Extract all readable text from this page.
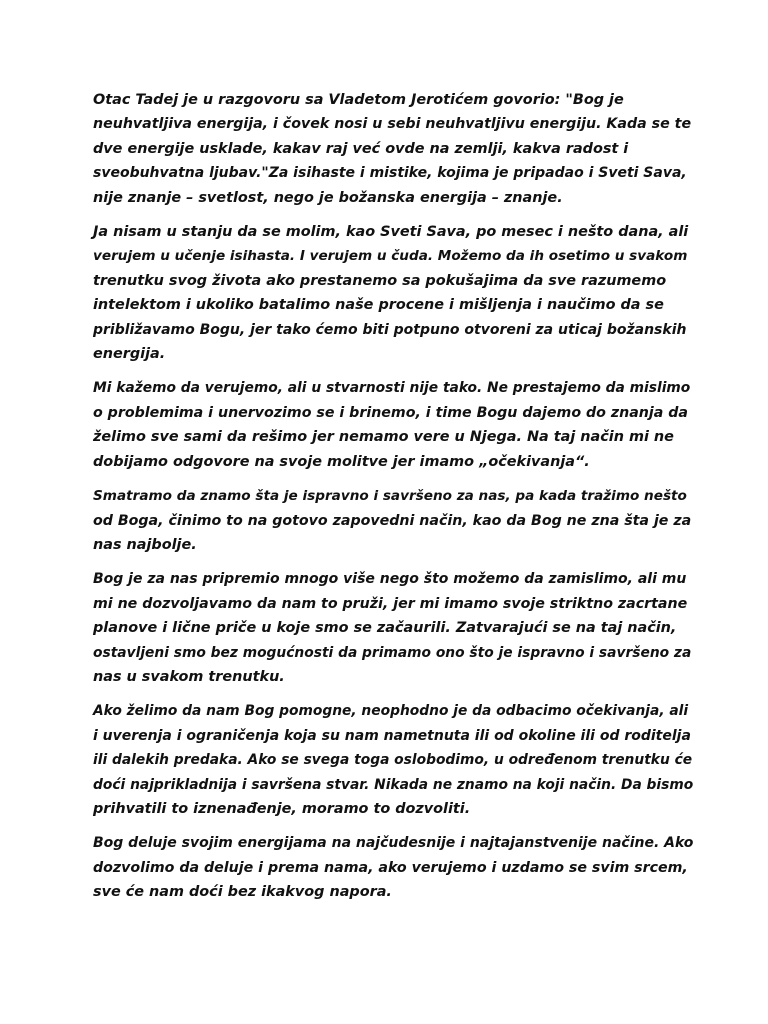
Otac Tadej je u razgovoru sa Vladetom Jerotićem govorio: "Bog je
neuhvatljiva energija, i čovek nosi u sebi neuhvatljivu energiju. Kada se te
dve energije usklade, kakav raj već ovde na zemlji, kakva radost i
sveobuhvatna ljubav."Za isihaste i mistike, kojima je pripadao i Sveti Sava,
nije znanje – svetlost, nego je božanska energija – znanje.

Ja nisam u stanju da se molim, kao Sveti Sava, po mesec i nešto dana, ali
verujem u učenje isihasta. I verujem u čuda. Možemo da ih osetimo u svakom
trenutku svog života ako prestanemo sa pokušajima da sve razumemo
intelektom i ukoliko batalimo naše procene i mišljenja i naučimo da se
približavamo Bogu, jer tako ćemo biti potpuno otvoreni za uticaj božanskih
energija.

Mi kažemo da verujemo, ali u stvarnosti nije tako. Ne prestajemo da mislimo
o problemima i unervozimo se i brinemo, i time Bogu dajemo do znanja da
želimo sve sami da rešimo jer nemamo vere u Njega. Na taj način mi ne
dobijamo odgovore na svoje molitve jer imamo „očekivanja“.

Smatramo da znamo šta je ispravno i savršeno za nas, pa kada tražimo nešto
od Boga, činimo to na gotovo zapovedni način, kao da Bog ne zna šta je za
nas najbolje.

Bog je za nas pripremio mnogo više nego što možemo da zamislimo, ali mu
mi ne dozvoljavamo da nam to pruži, jer mi imamo svoje striktno zacrtane
planove i lične priče u koje smo se začaurili. Zatvarajući se na taj način,
ostavljeni smo bez mogućnosti da primamo ono što je ispravno i savršeno za
nas u svakom trenutku.

Ako želimo da nam Bog pomogne, neophodno je da odbacimo očekivanja, ali
i uverenja i ograničenja koja su nam nametnuta ili od okoline ili od roditelja
ili dalekih predaka. Ako se svega toga oslobodimo, u određenom trenutku će
doći najprikladnija i savršena stvar. Nikada ne znamo na koji način. Da bismo
prihvatili to iznenađenje, moramo to dozvoliti.

Bog deluje svojim energijama na najčudesnije i najtajanstvenije načine. Ako
dozvolimo da deluje i prema nama, ako verujemo i uzdamo se svim srcem,
sve će nam doći bez ikakvog napora.
